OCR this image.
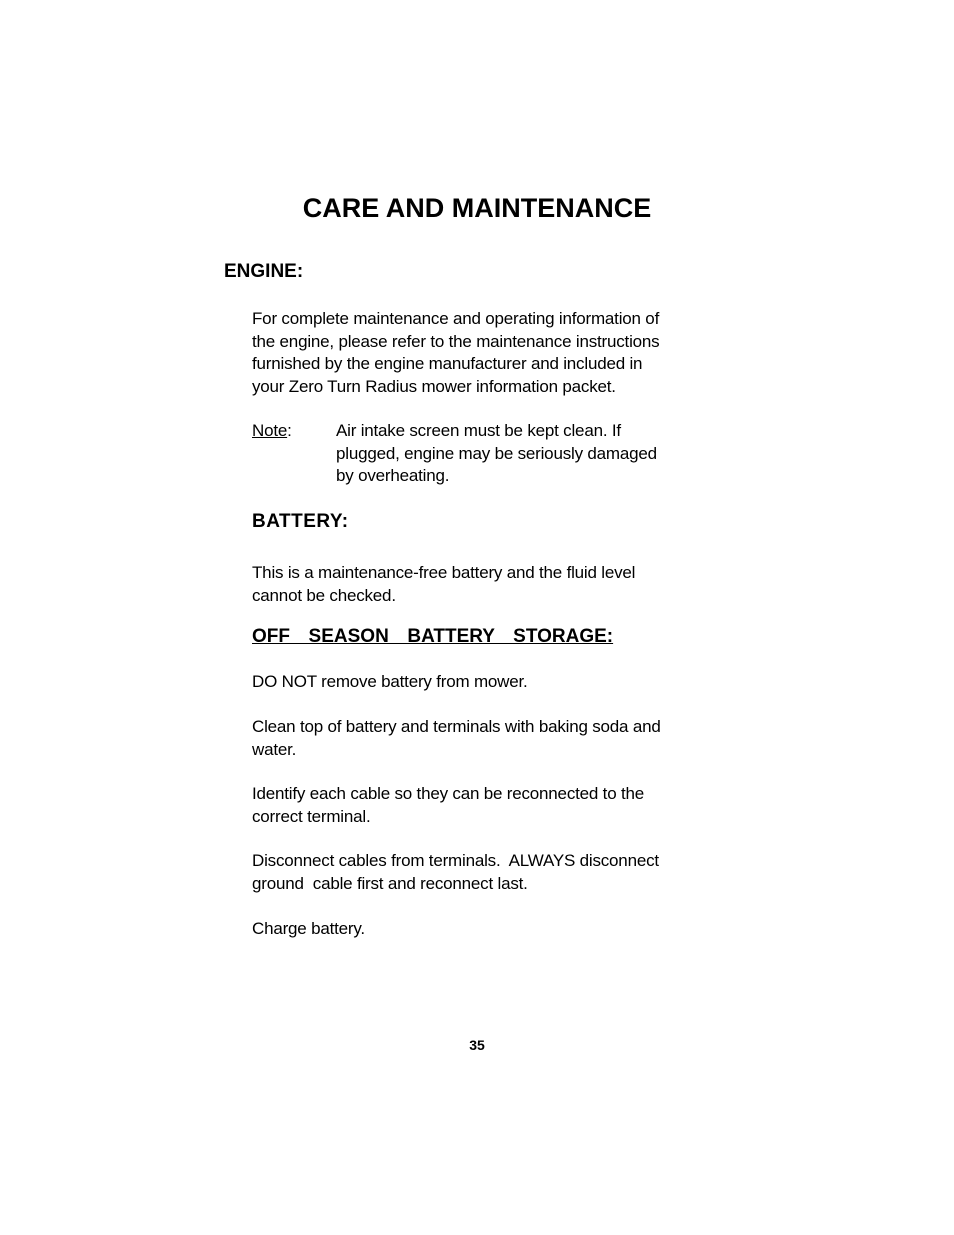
CARE AND MAINTENANCE
ENGINE:
For complete maintenance and operating information of
the engine, please refer to the maintenance instructions
furnished by the engine manufacturer and included in
your Zero Turn Radius mower information packet.
Note:	Air intake screen must be kept clean. If
plugged, engine may be seriously damaged
by overheating.
BATTERY:
This is a maintenance-free battery and the fluid level
cannot be checked.
OFF  SEASON  BATTERY  STORAGE:
DO NOT remove battery from mower.
Clean top of battery and terminals with baking soda and
water.
Identify each cable so they can be reconnected to the
correct terminal.
Disconnect cables from terminals.  ALWAYS disconnect
ground  cable first and reconnect last.
Charge battery.
35
